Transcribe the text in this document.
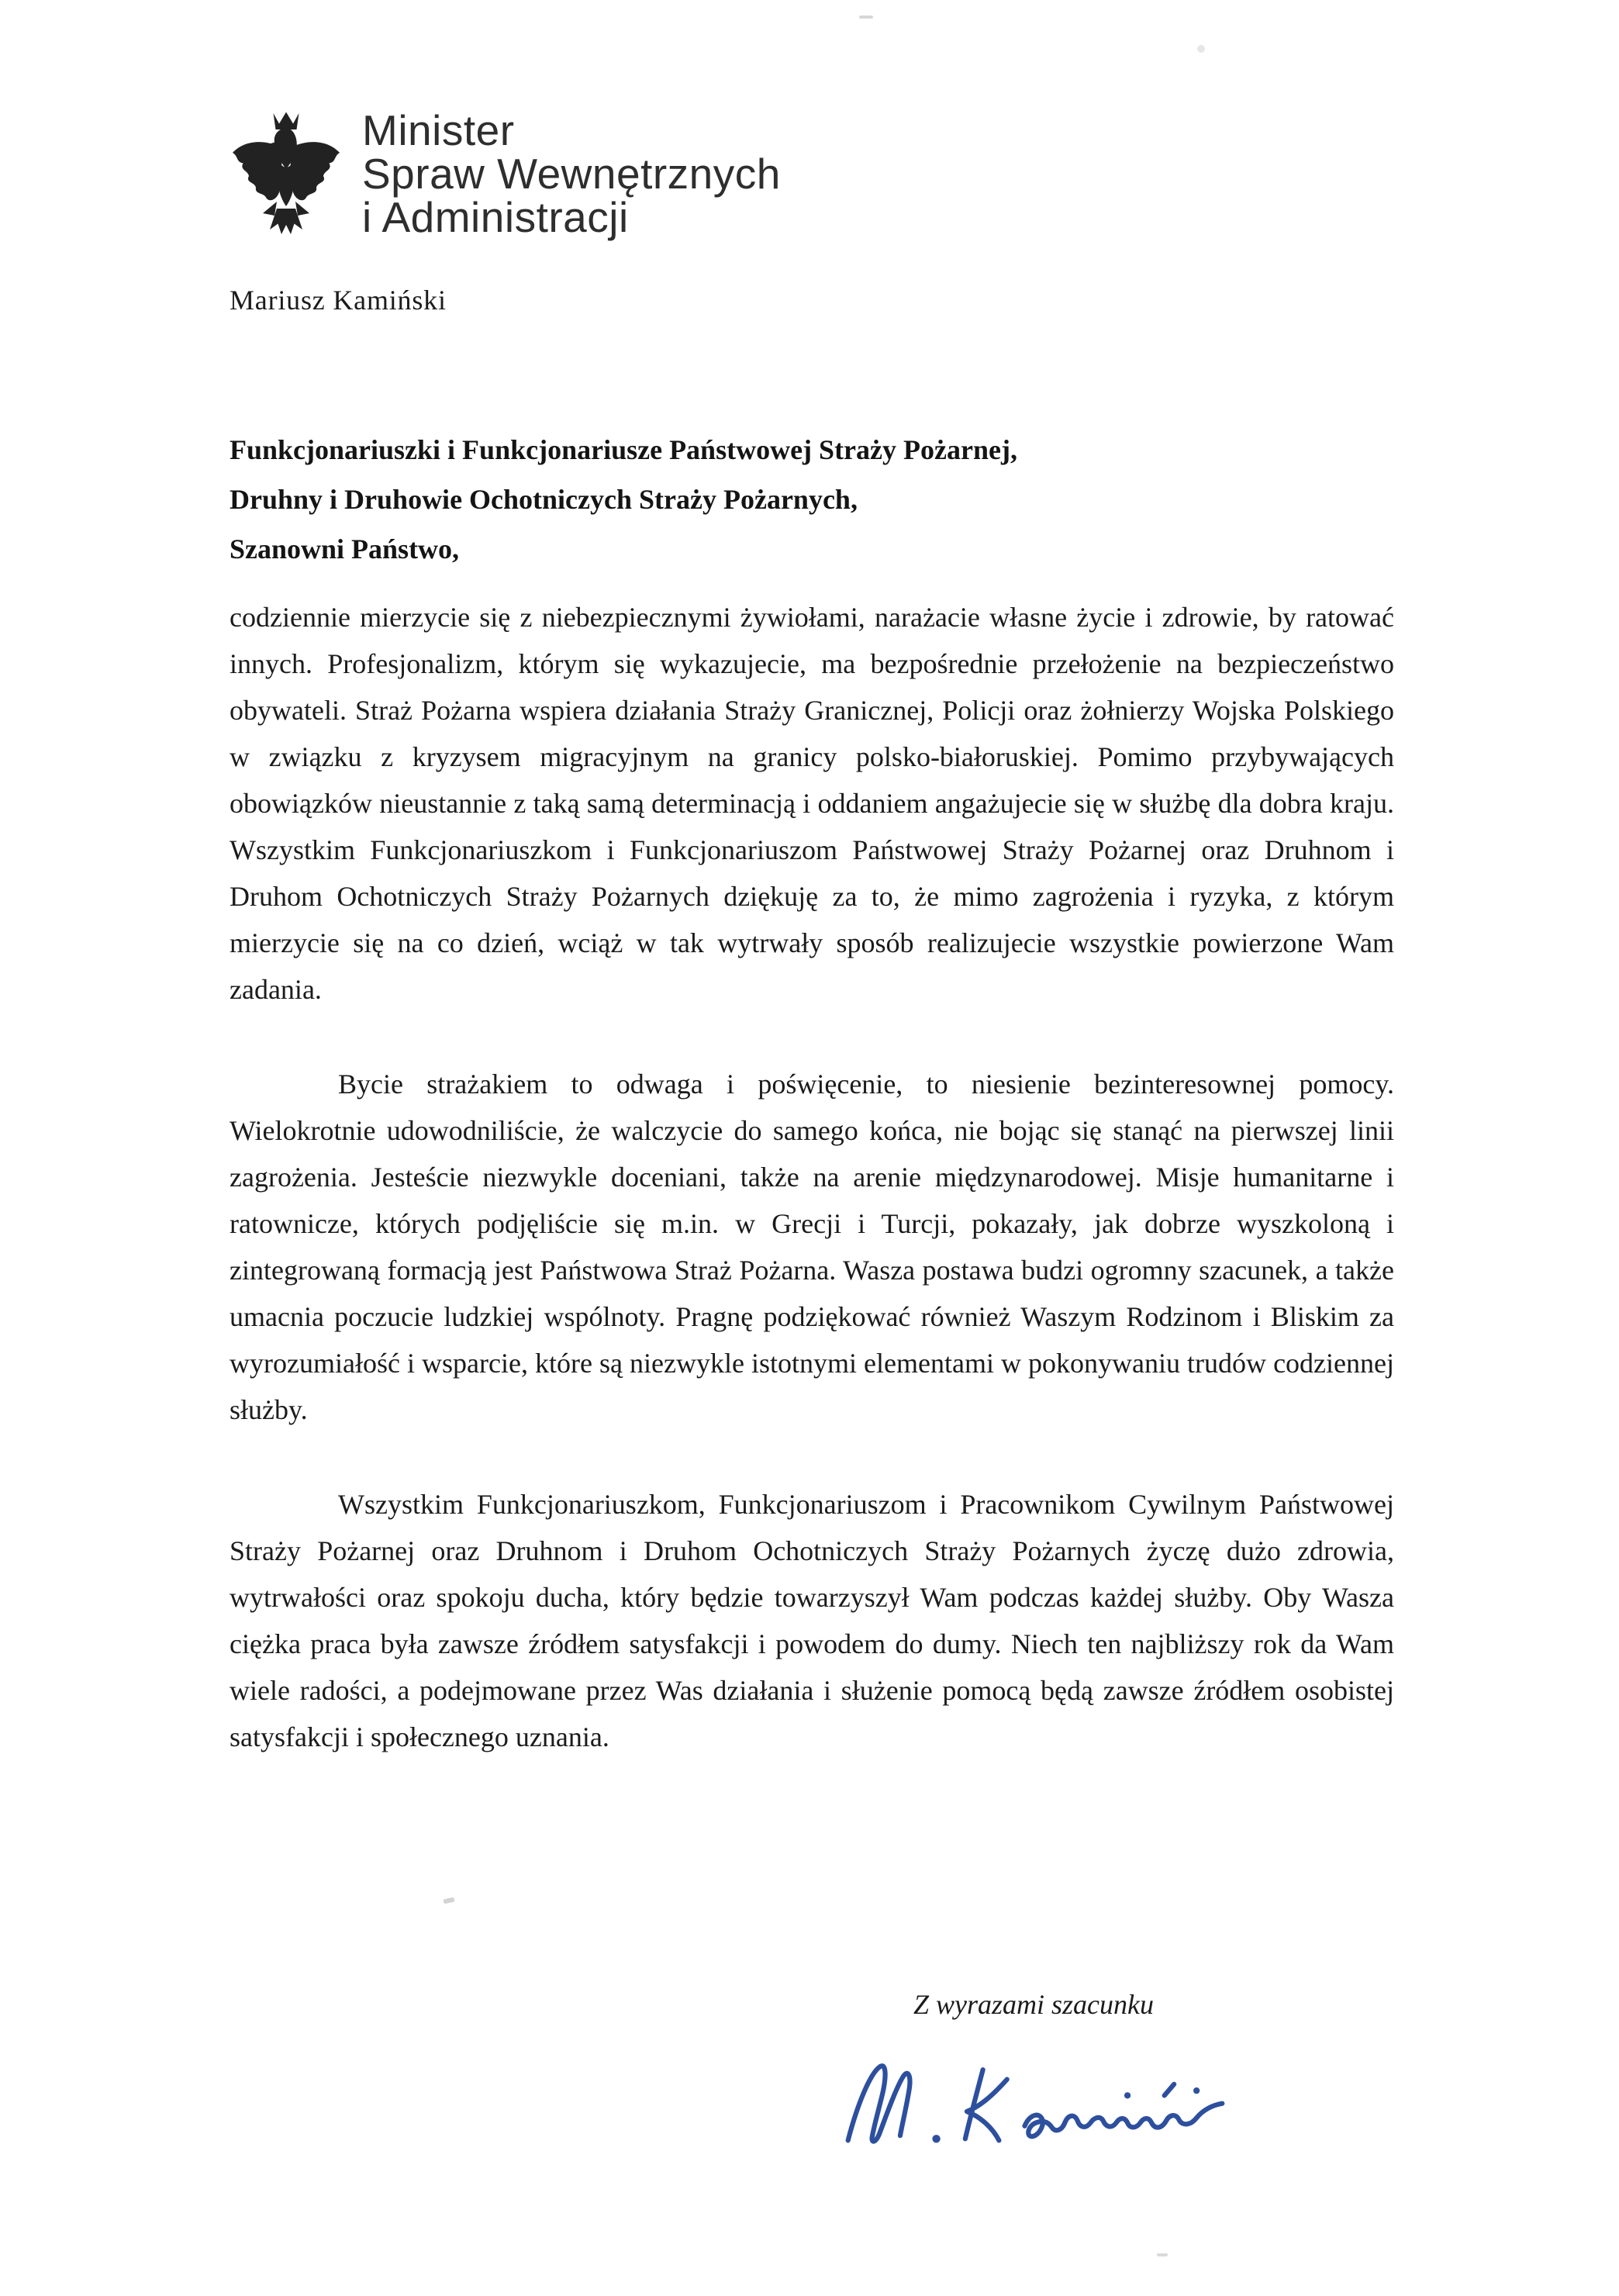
Minister
Spraw Wewnętrznych
i Administracji
Mariusz Kamiński
Funkcjonariuszki i Funkcjonariusze Państwowej Straży Pożarnej,
Druhny i Druhowie Ochotniczych Straży Pożarnych,
Szanowni Państwo,

codziennie mierzycie się z niebezpiecznymi żywiołami, narażacie własne życie i zdrowie, by ratować innych. Profesjonalizm, którym się wykazujecie, ma bezpośrednie przełożenie na bezpieczeństwo obywateli. Straż Pożarna wspiera działania Straży Granicznej, Policji oraz żołnierzy Wojska Polskiego w związku z kryzysem migracyjnym na granicy polsko-białoruskiej. Pomimo przybywających obowiązków nieustannie z taką samą determinacją i oddaniem angażujecie się w służbę dla dobra kraju. Wszystkim Funkcjonariuszkom i Funkcjonariuszom Państwowej Straży Pożarnej oraz Druhnom i Druhom Ochotniczych Straży Pożarnych dziękuję za to, że mimo zagrożenia i ryzyka, z którym mierzycie się na co dzień, wciąż w tak wytrwały sposób realizujecie wszystkie powierzone Wam zadania.

Bycie strażakiem to odwaga i poświęcenie, to niesienie bezinteresownej pomocy. Wielokrotnie udowodniliście, że walczycie do samego końca, nie bojąc się stanąć na pierwszej linii zagrożenia. Jesteście niezwykle doceniani, także na arenie międzynarodowej. Misje humanitarne i ratownicze, których podjęliście się m.in. w Grecji i Turcji, pokazały, jak dobrze wyszkoloną i zintegrowaną formacją jest Państwowa Straż Pożarna. Wasza postawa budzi ogromny szacunek, a także umacnia poczucie ludzkiej wspólnoty. Pragnę podziękować również Waszym Rodzinom i Bliskim za wyrozumiałość i wsparcie, które są niezwykle istotnymi elementami w pokonywaniu trudów codziennej służby.

Wszystkim Funkcjonariuszkom, Funkcjonariuszom i Pracownikom Cywilnym Państwowej Straży Pożarnej oraz Druhnom i Druhom Ochotniczych Straży Pożarnych życzę dużo zdrowia, wytrwałości oraz spokoju ducha, który będzie towarzyszył Wam podczas każdej służby. Oby Wasza ciężka praca była zawsze źródłem satysfakcji i powodem do dumy. Niech ten najbliższy rok da Wam wiele radości, a podejmowane przez Was działania i służenie pomocą będą zawsze źródłem osobistej satysfakcji i społecznego uznania.

Z wyrazami szacunku
